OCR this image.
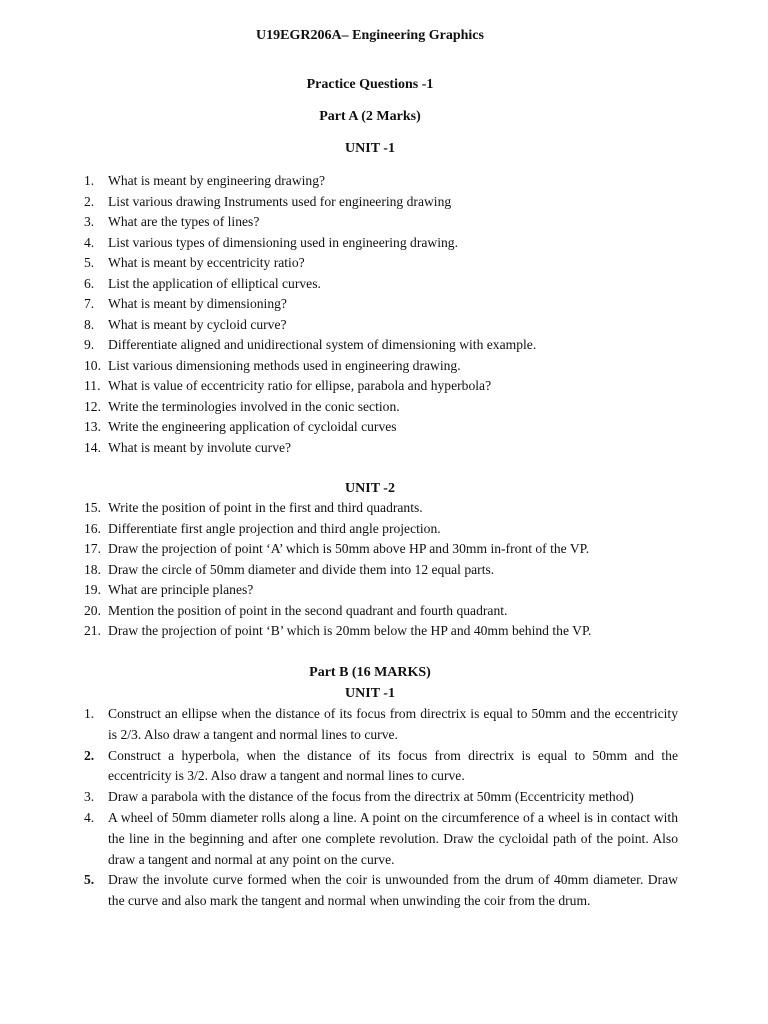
U19EGR206A– Engineering Graphics
Practice Questions -1
Part A (2 Marks)
UNIT -1
1.	What is meant by engineering drawing?
2.	List various drawing Instruments used for engineering drawing
3.	What are the types of lines?
4.	List various types of dimensioning used in engineering drawing.
5.	What is meant by eccentricity ratio?
6.	List the application of elliptical curves.
7.	What is meant by dimensioning?
8.	What is meant by cycloid curve?
9.	Differentiate aligned and unidirectional system of dimensioning with example.
10. List various dimensioning methods used in engineering drawing.
11. What is value of eccentricity ratio for ellipse, parabola and hyperbola?
12. Write the terminologies involved in the conic section.
13. Write the engineering application of cycloidal curves
14. What is meant by involute curve?
UNIT -2
15. Write the position of point in the first and third quadrants.
16. Differentiate first angle projection and third angle projection.
17. Draw the projection of point ‘A’ which is 50mm above HP and 30mm in-front of the VP.
18. Draw the circle of 50mm diameter and divide them into 12 equal parts.
19. What are principle planes?
20. Mention the position of point in the second quadrant and fourth quadrant.
21. Draw the projection of point ‘B’ which is 20mm below the HP and 40mm behind the VP.
Part B (16 MARKS)
UNIT -1
1.	Construct an ellipse when the distance of its focus from directrix is equal to 50mm and the eccentricity is 2/3. Also draw a tangent and normal lines to curve.
2.	Construct a hyperbola, when the distance of its focus from directrix is equal to 50mm and the eccentricity is 3/2. Also draw a tangent and normal lines to curve.
3.	Draw a parabola with the distance of the focus from the directrix at 50mm (Eccentricity method)
4.	A wheel of 50mm diameter rolls along a line. A point on the circumference of a wheel is in contact with the line in the beginning and after one complete revolution. Draw the cycloidal path of the point. Also draw a tangent and normal at any point on the curve.
5.	Draw the involute curve formed when the coir is unwounded from the drum of 40mm diameter. Draw the curve and also mark the tangent and normal when unwinding the coir from the drum.
